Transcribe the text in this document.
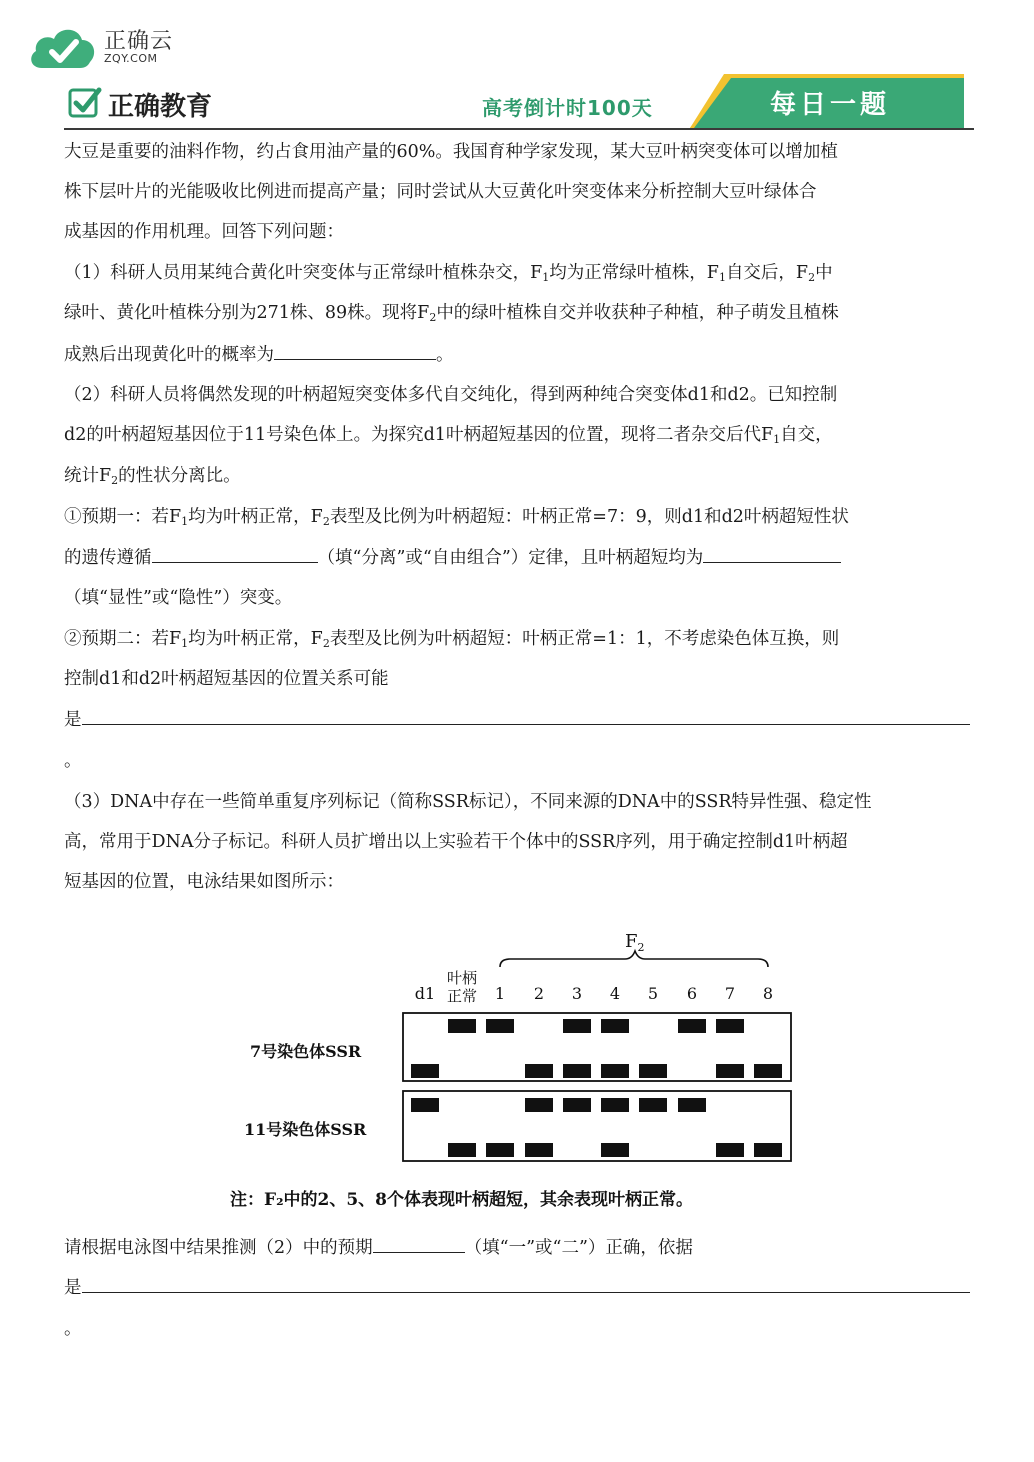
正确云
ZQY.COM
正确教育	高考倒计时100天	每日一题
大豆是重要的油料作物，约占食用油产量的60%。我国育种学家发现，某大豆叶柄突变体可以增加植
株下层叶片的光能吸收比例进而提高产量；同时尝试从大豆黄化叶突变体来分析控制大豆叶绿体合
成基因的作用机理。回答下列问题：
（1）科研人员用某纯合黄化叶突变体与正常绿叶植株杂交，$F_1$均为正常绿叶植株，$F_1$自交后，$F_2$中
绿叶、黄化叶植株分别为271株、89株。现将$F_2$中的绿叶植株自交并收获种子种植，种子萌发且植株
成熟后出现黄化叶的概率为	。
（2）科研人员将偶然发现的叶柄超短突变体多代自交纯化，得到两种纯合突变体d1和d2。已知控制
d2的叶柄超短基因位于11号染色体上。为探究d1叶柄超短基因的位置，现将二者杂交后代$F_1$自交，
统计$F_2$的性状分离比。
①预期一：若$F_1$均为叶柄正常，$F_2$表型及比例为叶柄超短：叶柄正常=7：9，则d1和d2叶柄超短性状
的遗传遵循	（填“分离”或“自由组合”）定律，且叶柄超短均为
（填“显性”或“隐性”）突变。
②预期二：若$F_1$均为叶柄正常，$F_2$表型及比例为叶柄超短：叶柄正常=1：1，不考虑染色体互换，则
控制d1和d2叶柄超短基因的位置关系可能
是
。
（3）DNA中存在一些简单重复序列标记（简称SSR标记），不同来源的DNA中的SSR特异性强、稳定性
高，常用于DNA分子标记。科研人员扩增出以上实验若干个体中的SSR序列，用于确定控制d1叶柄超
短基因的位置，电泳结果如图所示：
$F_2$
d1
叶柄
正常 1 2 3 4 5 6 7 8
7号染色体SSR
11号染色体SSR
注：F₂中的2、5、8个体表现叶柄超短，其余表现叶柄正常。
请根据电泳图中结果推测（2）中的预期	（填“一”或“二”）正确，依据
是
。
